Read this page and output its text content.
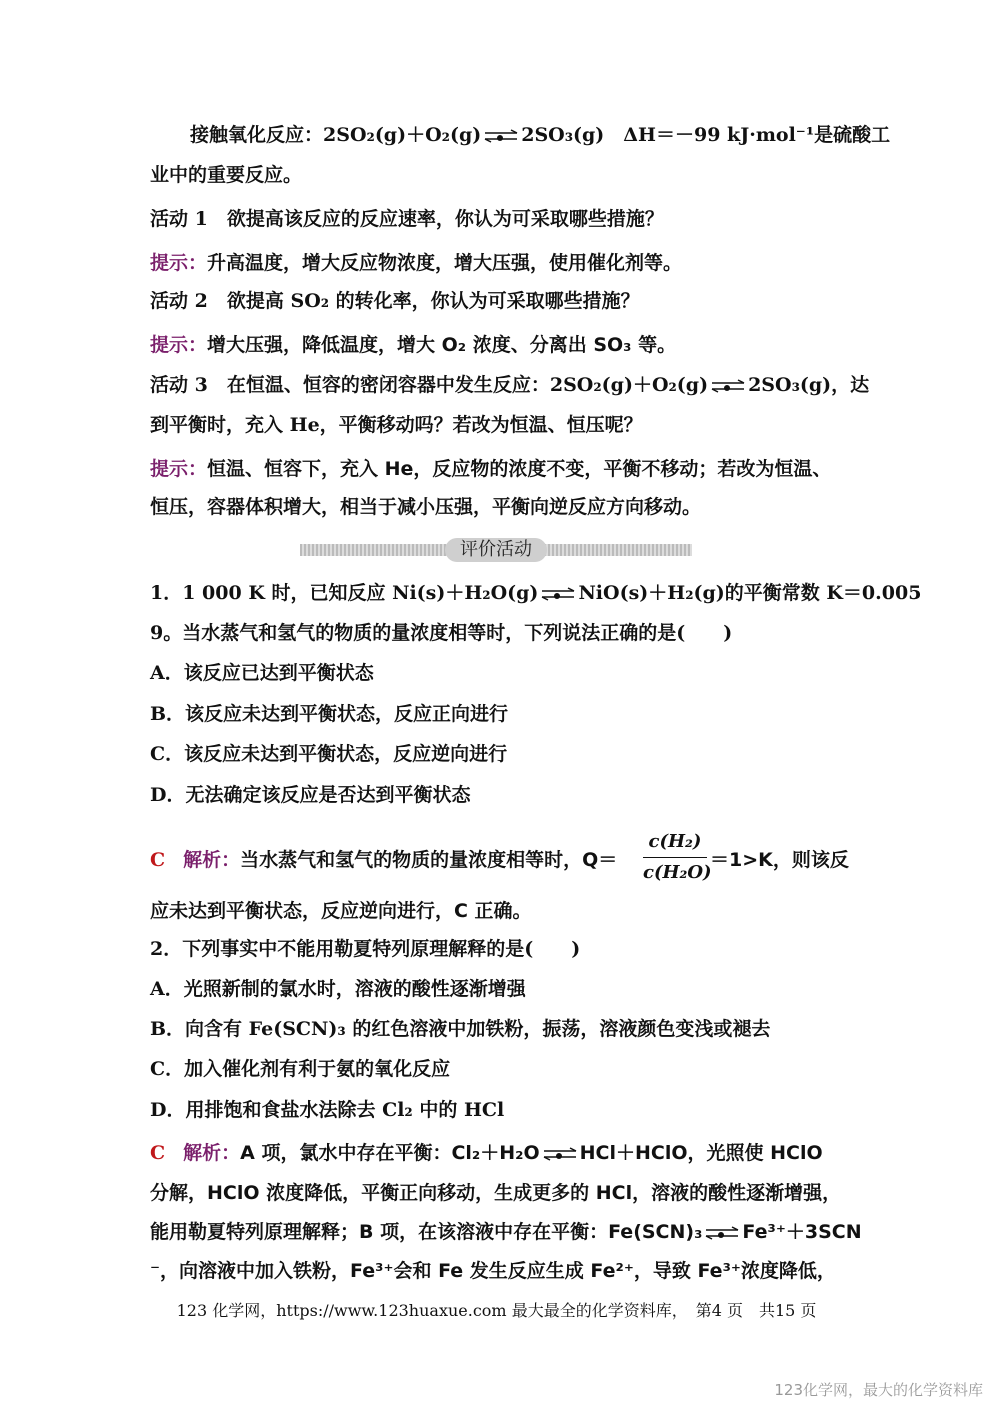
接触氧化反应：2SO₂(g)＋O₂(g) ⇌ 2SO₃(g)　ΔH＝－99 kJ·mol⁻¹是硫酸工
业中的重要反应。
活动 1　 欲提高该反应的反应速率，你认为可采取哪些措施？
提示：升高温度，增大反应物浓度，增大压强，使用催化剂等。
活动 2　 欲提高 SO₂ 的转化率，你认为可采取哪些措施？
提示：增大压强，降低温度，增大 O₂ 浓度、分离出 SO₃ 等。
活动 3　 在恒温、恒容的密闭容器中发生反应：2SO₂(g)＋O₂(g) ⇌ 2SO₃(g)，达
到平衡时，充入 He，平衡移动吗？若改为恒温、恒压呢？
提示：恒温、恒容下，充入 He，反应物的浓度不变，平衡不移动；若改为恒温、
恒压，容器体积增大，相当于减小压强，平衡向逆反应方向移动。
评价活动
1．1 000 K 时，已知反应 Ni(s)＋H₂O(g) ⇌ NiO(s)＋H₂(g)的平衡常数 K＝0.005
9。当水蒸气和氢气的物质的量浓度相等时，下列说法正确的是(　　)
A．该反应已达到平衡状态
B．该反应未达到平衡状态，反应正向进行
C．该反应未达到平衡状态，反应逆向进行
D．无法确定该反应是否达到平衡状态
C 解析：当水蒸气和氢气的物质的量浓度相等时，Q＝
c(H₂)
c(H₂O)
＝1>K，则该反
应未达到平衡状态，反应逆向进行，C 正确。
2．下列事实中不能用勒夏特列原理解释的是(　　)
A．光照新制的氯水时，溶液的酸性逐渐增强
B．向含有 Fe(SCN)₃ 的红色溶液中加铁粉，振荡，溶液颜色变浅或褪去
C．加入催化剂有利于氨的氧化反应
D．用排饱和食盐水法除去 Cl₂ 中的 HCl
C 解析：A 项，氯水中存在平衡：Cl₂＋H₂O ⇌ HCl＋HClO，光照使 HClO
分解，HClO 浓度降低，平衡正向移动，生成更多的 HCl，溶液的酸性逐渐增强，
能用勒夏特列原理解释；B 项，在该溶液中存在平衡：Fe(SCN)₃ ⇌ Fe³⁺＋3SCN
⁻，向溶液中加入铁粉，Fe³⁺会和 Fe 发生反应生成 Fe²⁺，导致 Fe³⁺浓度降低，
123 化学网，https://www.123huaxue.com 最大最全的化学资料库，　第4 页　共15 页
123化学网，最大的化学资料库
